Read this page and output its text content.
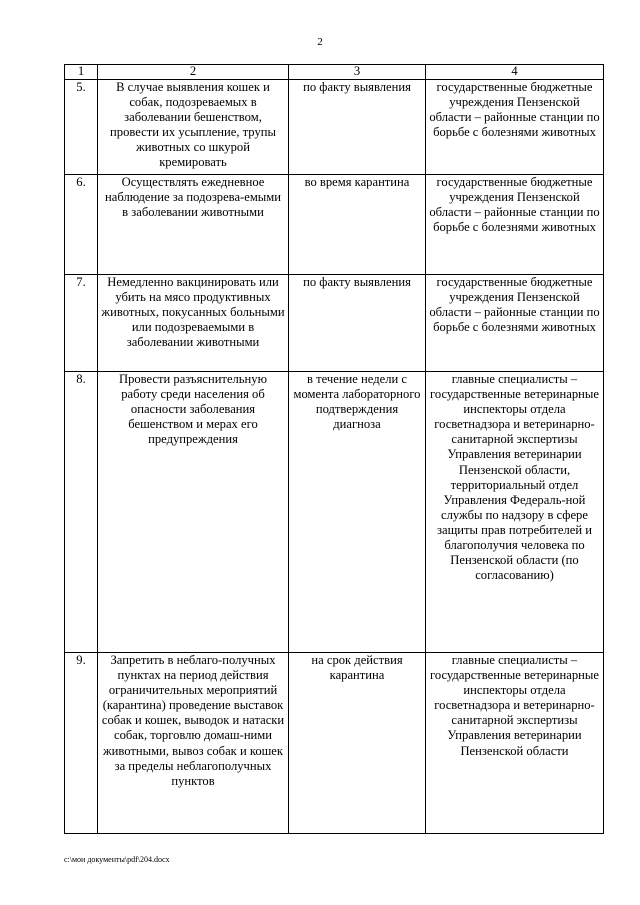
2
1	2	3	4
5.	В случае выявления кошек и собак, подозреваемых в заболевании бешенством, провести их усыпление, трупы животных со шкурой кремировать	по факту выявления	государственные бюджетные учреждения Пензенской области – районные станции по борьбе с болезнями животных
6.	Осуществлять ежедневное наблюдение за подозрева-емыми в заболевании животными	во время карантина	государственные бюджетные учреждения Пензенской области – районные станции по борьбе с болезнями животных
7.	Немедленно вакцинировать или убить на мясо продуктивных животных, покусанных больными или подозреваемыми в заболевании животными	по факту выявления	государственные бюджетные учреждения Пензенской области – районные станции по борьбе с болезнями животных
8.	Провести разъяснительную работу среди населения об опасности заболевания бешенством и мерах его предупреждения	в течение недели с момента лабораторного подтверждения диагноза	главные специалисты – государственные ветеринарные инспекторы отдела госветнадзора и ветеринарно-санитарной экспертизы Управления ветеринарии Пензенской области, территориальный отдел Управления Федераль-ной службы по надзору в сфере защиты прав потребителей и благополучия человека по Пензенской области (по согласованию)
9.	Запретить в неблаго-получных пунктах на период действия ограничительных мероприятий (карантина) проведение выставок собак и кошек, выводок и натаски собак, торговлю домаш-ними животными, вывоз собак и кошек за пределы неблагополучных пунктов	на срок действия карантина	главные специалисты – государственные ветеринарные инспекторы отдела госветнадзора и ветеринарно-санитарной экспертизы Управления ветеринарии Пензенской области
c:\мои документы\pdf\204.docx
